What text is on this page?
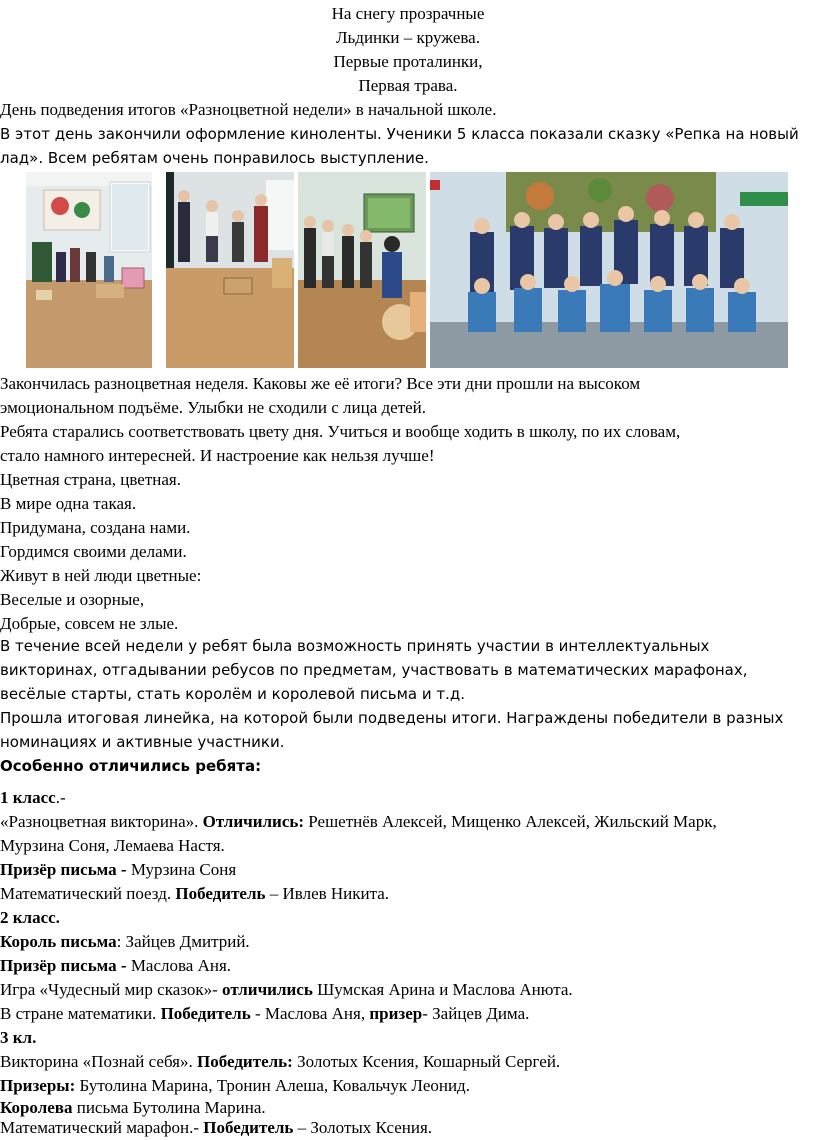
На снегу прозрачные
Льдинки – кружева.
Первые проталинки,
Первая трава.
День подведения итогов «Разноцветной недели» в начальной школе.
В этот день закончили оформление киноленты. Ученики 5 класса показали сказку «Репка на новый
лад». Всем ребятам очень понравилось выступление.
Закончилась разноцветная неделя. Каковы же её итоги? Все эти дни прошли на высоком
эмоциональном подъёме. Улыбки не сходили с лица детей.
Ребята старались соответствовать цвету дня. Учиться и вообще ходить в школу, по их словам,
стало намного интересней. И настроение как нельзя лучше!
Цветная страна, цветная.
В мире одна такая.
Придумана, создана нами.
Гордимся своими делами.
Живут в ней люди цветные:
Веселые и озорные,
Добрые, совсем не злые.
В течение всей недели у ребят была возможность принять участии в интеллектуальных
викторинах, отгадывании ребусов по предметам, участвовать в математических марафонах,
весёлые старты, стать королём и королевой письма и т.д.
Прошла итоговая линейка, на которой были подведены итоги. Награждены победители в разных
номинациях и активные участники.
Особенно отличились ребята:
1 класс.-
«Разноцветная викторина». Отличились: Решетнёв Алексей, Мищенко Алексей, Жильский Марк,
Мурзина Соня, Лемаева Настя.
Призёр письма - Мурзина Соня
Математический поезд. Победитель – Ивлев Никита.
2 класс.
Король письма: Зайцев Дмитрий.
Призёр письма - Маслова Аня.
Игра «Чудесный мир сказок»- отличились Шумская Арина и Маслова Анюта.
В стране математики. Победитель - Маслова Аня, призер- Зайцев Дима.
3 кл.
Викторина «Познай себя». Победитель: Золотых Ксения, Кошарный Сергей.
Призеры: Бутолина Марина, Тронин Алеша, Ковальчук Леонид.
Королева письма Бутолина Марина.
Математический марафон.- Победитель – Золотых Ксения.
